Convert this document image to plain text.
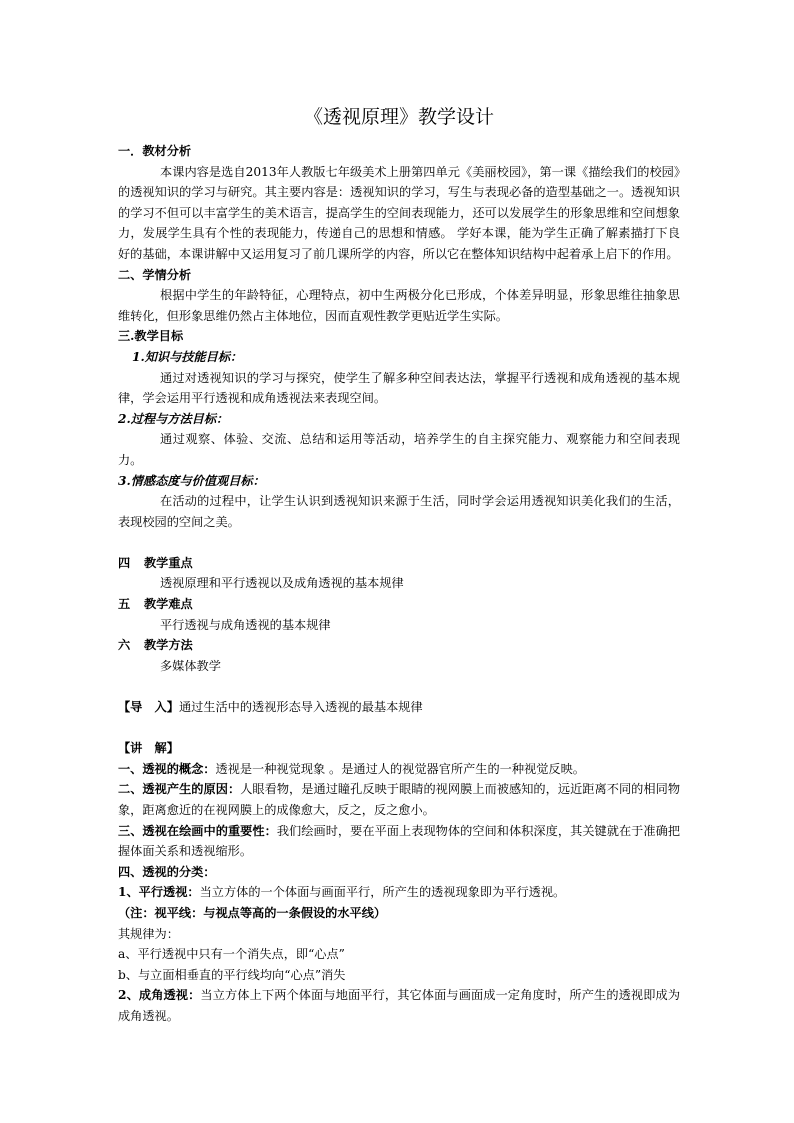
《透视原理》教学设计

一．教材分析

本课内容是选自2013年人教版七年级美术上册第四单元《美丽校园》，第一课《描绘我们的校园》的透视知识的学习与研究。其主要内容是：透视知识的学习，写生与表现必备的造型基础之一。透视知识的学习不但可以丰富学生的美术语言，提高学生的空间表现能力，还可以发展学生的形象思维和空间想象力，发展学生具有个性的表现能力，传递自己的思想和情感。 学好本课，能为学生正确了解素描打下良好的基础，本课讲解中又运用复习了前几课所学的内容，所以它在整体知识结构中起着承上启下的作用。

二、学情分析

根据中学生的年龄特征，心理特点，初中生两极分化已形成，个体差异明显，形象思维往抽象思维转化，但形象思维仍然占主体地位，因而直观性教学更贴近学生实际。

三.教学目标

1.知识与技能目标：

通过对透视知识的学习与探究，使学生了解多种空间表达法，掌握平行透视和成角透视的基本规律，学会运用平行透视和成角透视法来表现空间。

2.过程与方法目标：

通过观察、体验、交流、总结和运用等活动，培养学生的自主探究能力、观察能力和空间表现力。

3.情感态度与价值观目标：

在活动的过程中，让学生认识到透视知识来源于生活，同时学会运用透视知识美化我们的生活，表现校园的空间之美。

四	教学重点

透视原理和平行透视以及成角透视的基本规律

五	教学难点

平行透视与成角透视的基本规律

六	教学方法

多媒体教学

【导　入】通过生活中的透视形态导入透视的最基本规律

【讲　解】

一、透视的概念：透视是一种视觉现象 。是通过人的视觉器官所产生的一种视觉反映。

二、透视产生的原因：人眼看物，是通过瞳孔反映于眼睛的视网膜上而被感知的，远近距离不同的相同物象，距离愈近的在视网膜上的成像愈大，反之，反之愈小。

三、透视在绘画中的重要性：我们绘画时，要在平面上表现物体的空间和体积深度，其关键就在于准确把握体面关系和透视缩形。

四、透视的分类：

1、平行透视：当立方体的一个体面与画面平行，所产生的透视现象即为平行透视。

（注：视平线：与视点等高的一条假设的水平线）

其规律为：

a、平行透视中只有一个消失点，即“心点”

b、与立面相垂直的平行线均向“心点”消失

2、成角透视：当立方体上下两个体面与地面平行，其它体面与画面成一定角度时，所产生的透视即成为成角透视。
